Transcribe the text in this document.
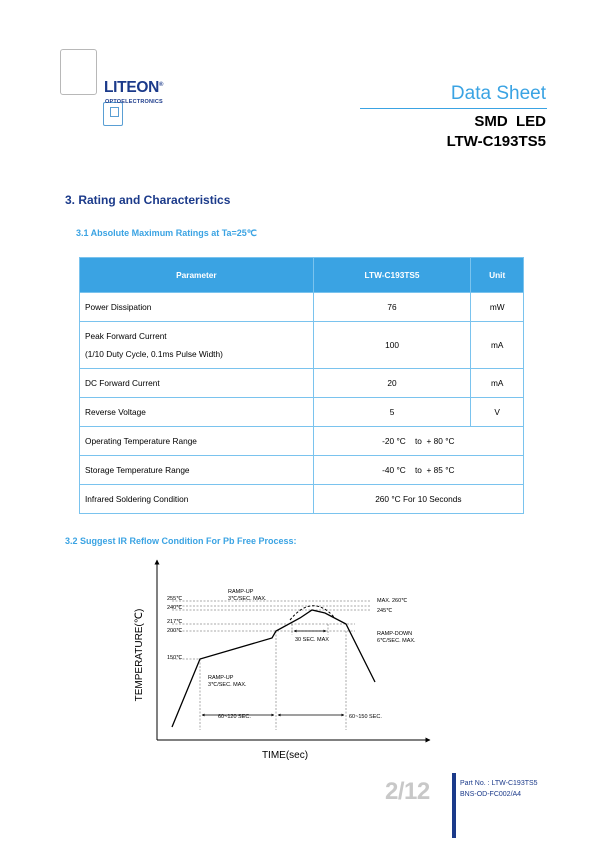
LITEON®
OPTOELECTRONICS	Data Sheet
SMD  LED
LTW-C193TS5
3. Rating and Characteristics
3.1 Absolute Maximum Ratings at Ta=25℃
Parameter	LTW-C193TS5	Unit
Power Dissipation	76	mW

Peak Forward Current
(1/10 Duty Cycle, 0.1ms Pulse Width)	100	mA
DC Forward Current	20	mA
Reverse Voltage	5	V
Operating Temperature Range	-20 °C    to  + 80 °C	
Storage Temperature Range	-40 °C    to  + 85 °C	
Infrared Soldering Condition	260 °C For 10 Seconds	
3.2 Suggest IR Reflow Condition For Pb Free Process:
255℃
240℃
217℃
200℃
150℃
RAMP-UP
3℃/SEC. MAX.	MAX. 260℃
245℃
30 SEC. MAX
RAMP-DOWN
6℃/SEC. MAX.
RAMP-UP
3℃/SEC. MAX.
60~120 SEC.	60~150 SEC.
TIME(sec)
TEMPERATURE(℃)
2/12	Part No. : LTW-C193TS5
BNS-OD-FC002/A4
